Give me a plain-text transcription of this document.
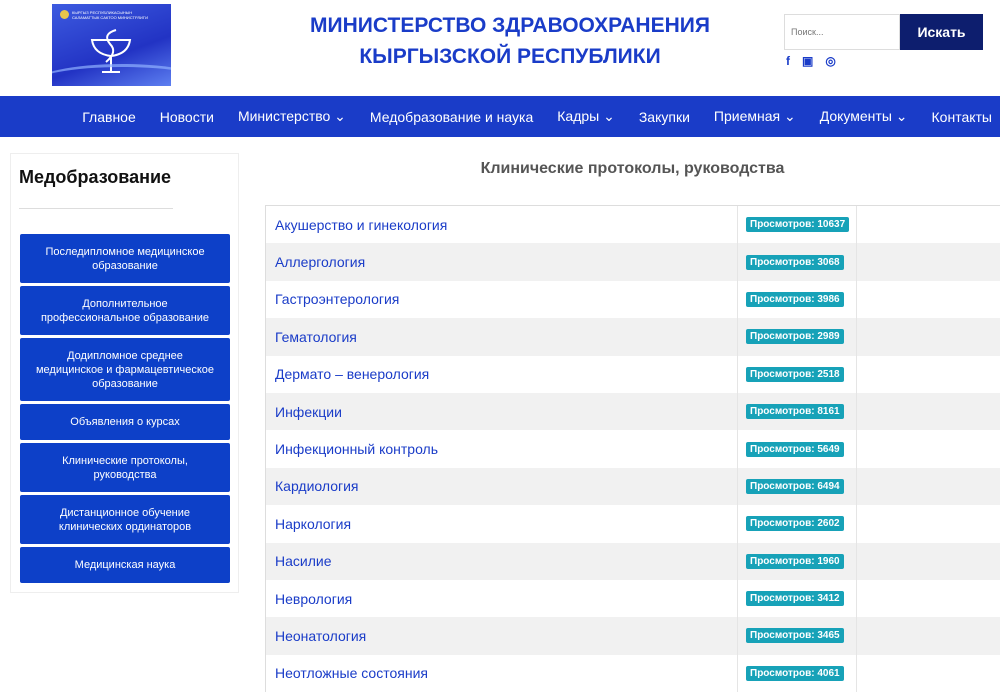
КЫРГЫЗ РЕСПУБЛИКАСЫНЫН САЛАМАТТЫК САКТОО МИНИСТРЛИГИ	МИНИСТЕРСТВО ЗДРАВООХРАНЕНИЯ
КЫРГЫЗСКОЙ РЕСПУБЛИКИ
Поиск...
Искать
f ▣ ◎
Главное Новости Министерство ⌄ Медобразование и наука Кадры ⌄ Закупки Приемная ⌄ Документы ⌄ Контакты
Медобразование
Последипломное медицинское образование
Дополнительное профессиональное образование
Додипломное среднее медицинское и фармацевтическое образование
Объявления о курсах
Клинические протоколы, руководства
Дистанционное обучение клинических ординаторов
Медицинская наука
Клинические протоколы, руководства
Акушерство и гинекология	Просмотров: 10637
Аллергология	Просмотров: 3068
Гастроэнтерология	Просмотров: 3986
Гематология	Просмотров: 2989
Дермато – венерология	Просмотров: 2518
Инфекции	Просмотров: 8161
Инфекционный контроль	Просмотров: 5649
Кардиология	Просмотров: 6494
Наркология	Просмотров: 2602
Насилие	Просмотров: 1960
Неврология	Просмотров: 3412
Неонатология	Просмотров: 3465
Неотложные состояния	Просмотров: 4061
